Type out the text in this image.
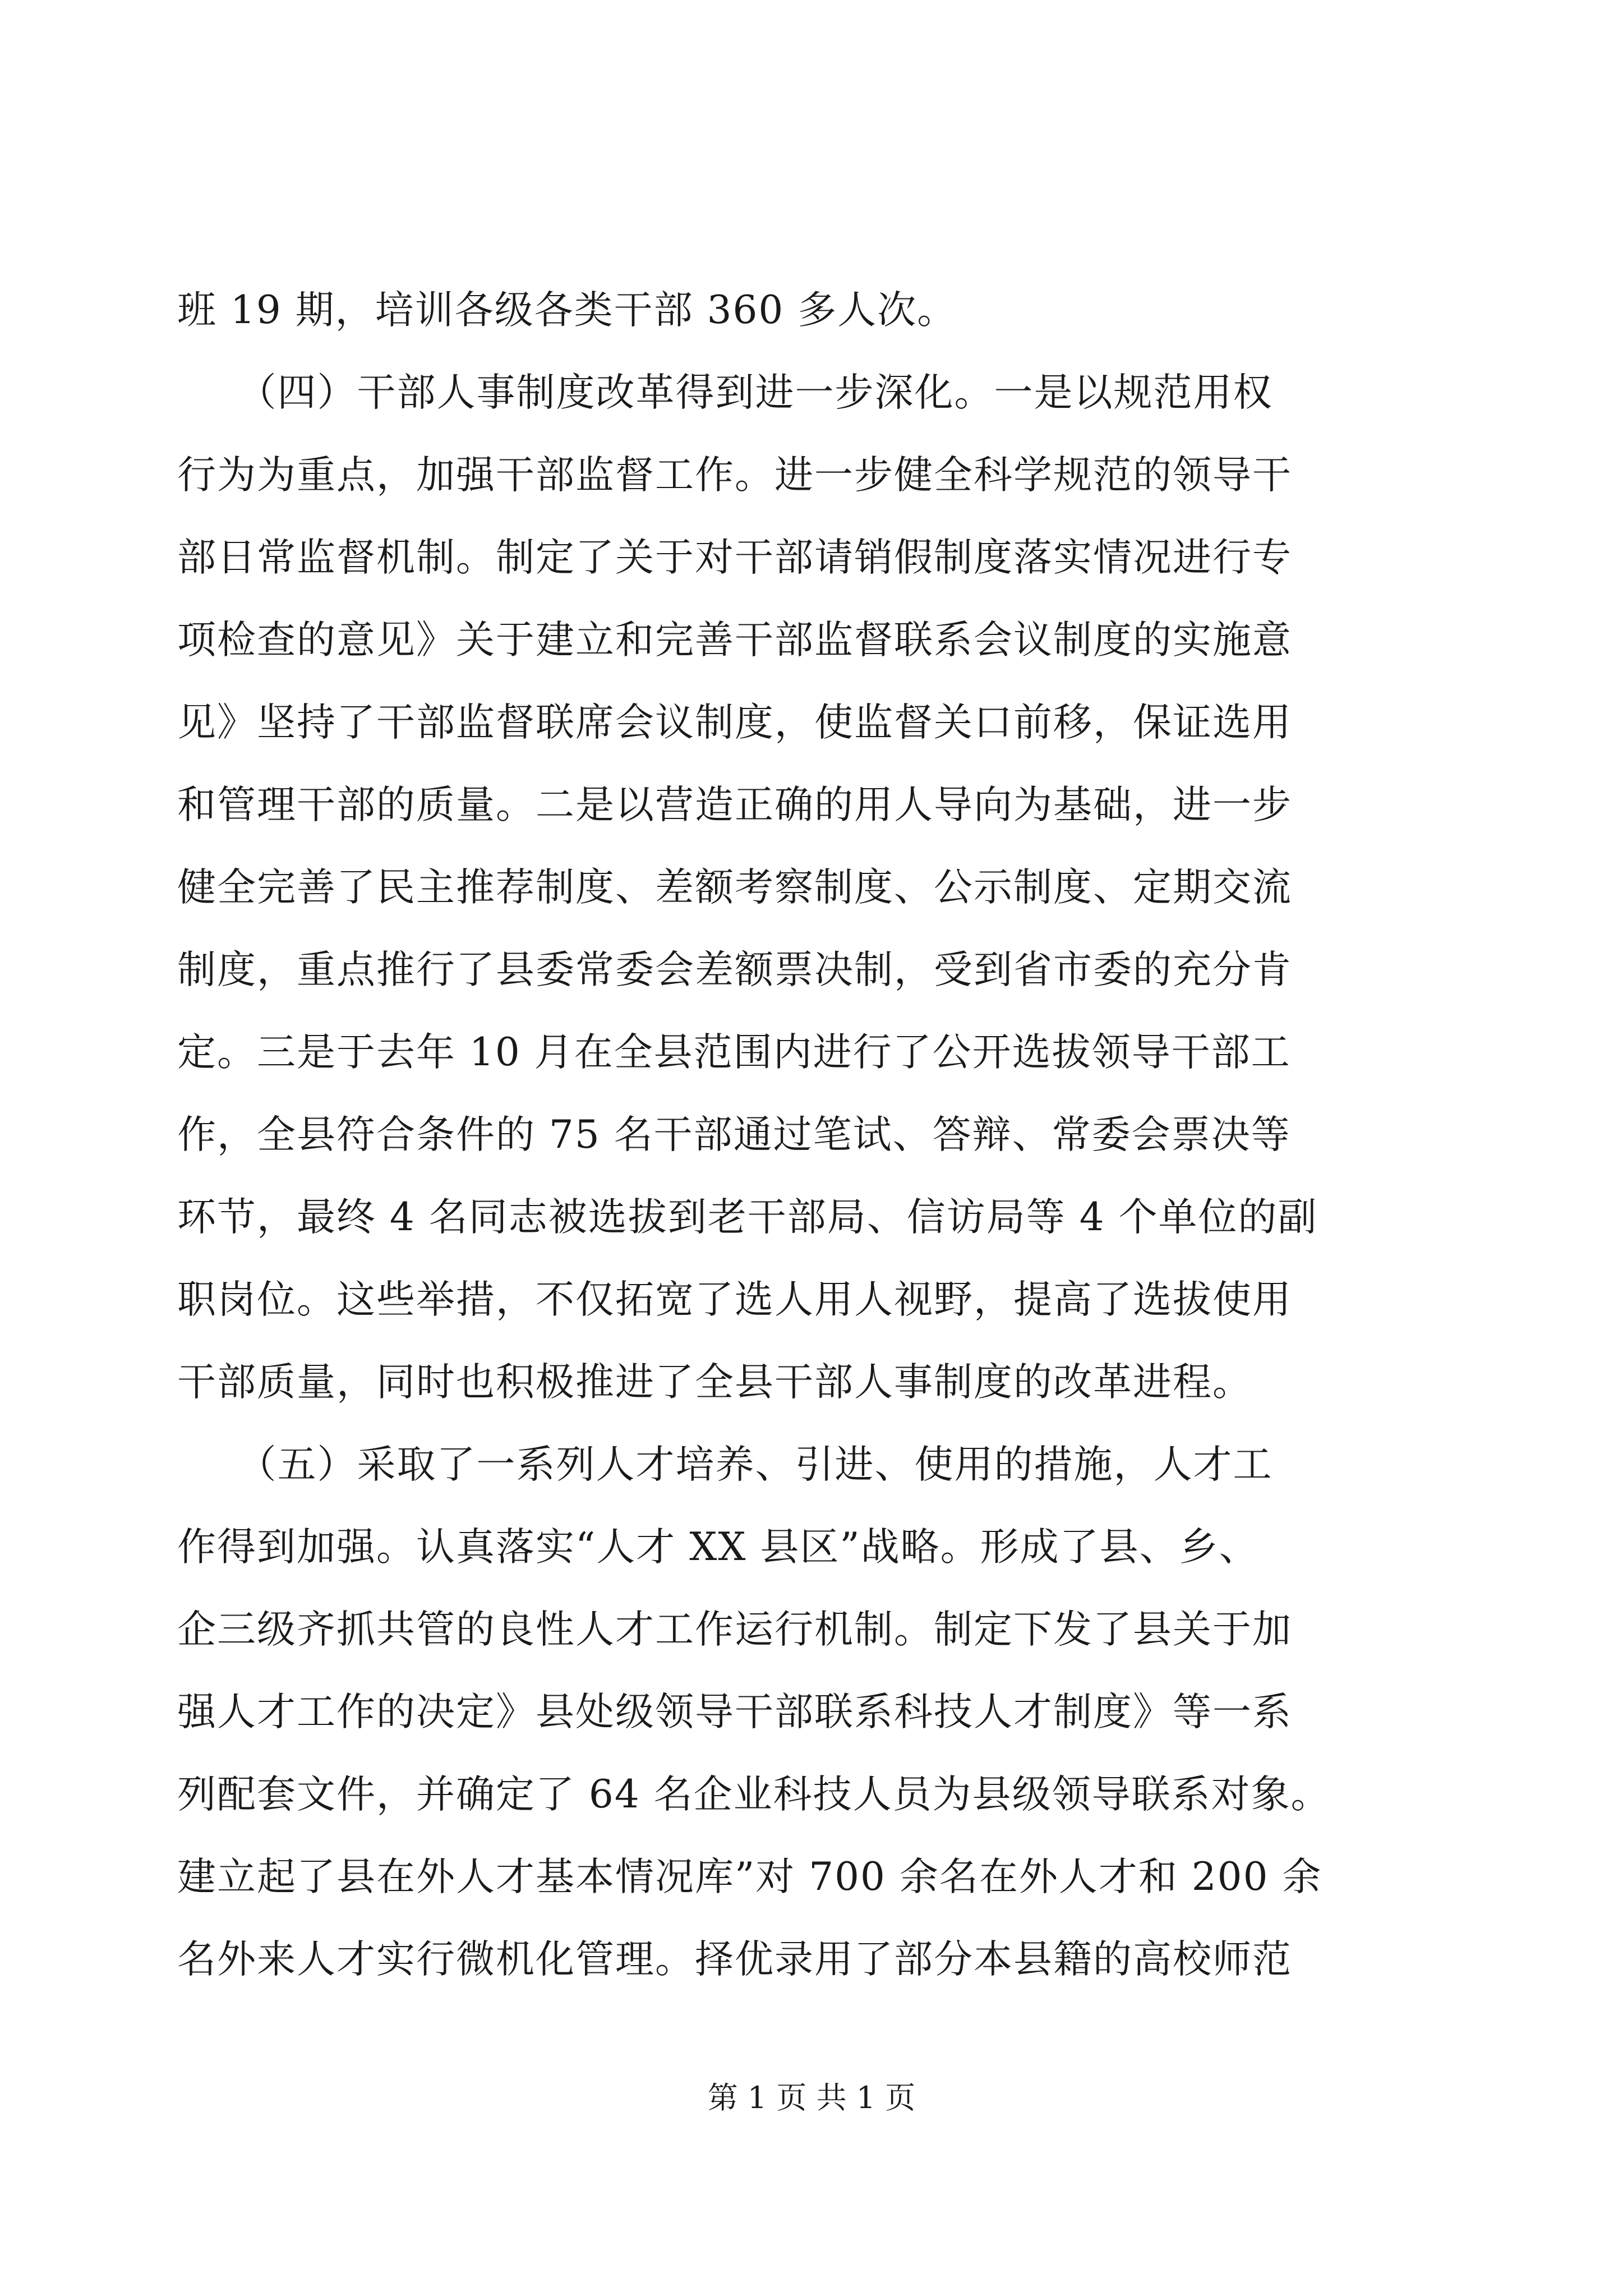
班 19 期，培训各级各类干部 360 多人次。
　　（四）干部人事制度改革得到进一步深化。一是以规范用权
行为为重点，加强干部监督工作。进一步健全科学规范的领导干
部日常监督机制。制定了关于对干部请销假制度落实情况进行专
项检查的意见》关于建立和完善干部监督联系会议制度的实施意
见》坚持了干部监督联席会议制度，使监督关口前移，保证选用
和管理干部的质量。二是以营造正确的用人导向为基础，进一步
健全完善了民主推荐制度、差额考察制度、公示制度、定期交流
制度，重点推行了县委常委会差额票决制，受到省市委的充分肯
定。三是于去年 10 月在全县范围内进行了公开选拔领导干部工
作，全县符合条件的 75 名干部通过笔试、答辩、常委会票决等
环节，最终 4 名同志被选拔到老干部局、信访局等 4 个单位的副
职岗位。这些举措，不仅拓宽了选人用人视野，提高了选拔使用
干部质量，同时也积极推进了全县干部人事制度的改革进程。
　　（五）采取了一系列人才培养、引进、使用的措施，人才工
作得到加强。认真落实“人才 XX 县区”战略。形成了县、乡、
企三级齐抓共管的良性人才工作运行机制。制定下发了县关于加
强人才工作的决定》县处级领导干部联系科技人才制度》等一系
列配套文件，并确定了 64 名企业科技人员为县级领导联系对象。
建立起了县在外人才基本情况库”对 700 余名在外人才和 200 余
名外来人才实行微机化管理。择优录用了部分本县籍的高校师范
第 1 页 共 1 页
